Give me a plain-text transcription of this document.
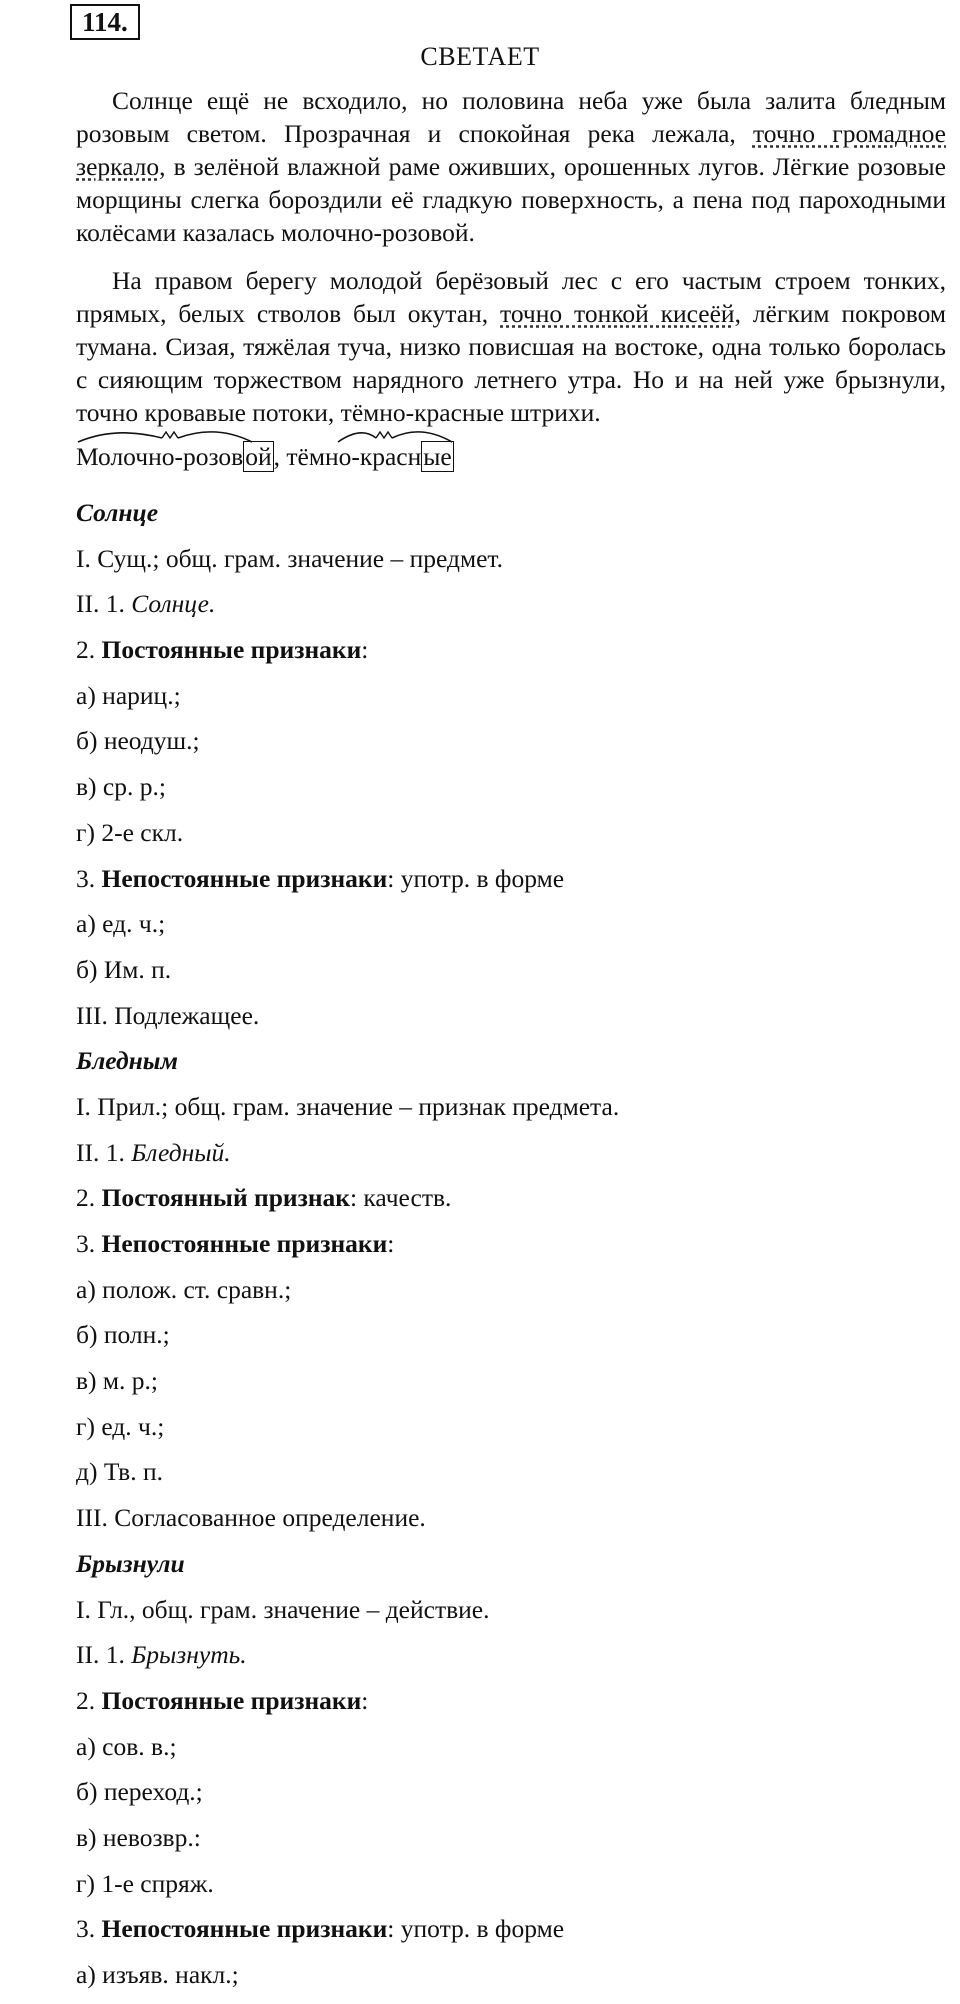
114.
СВЕТАЕТ

Солнце ещё не всходило, но половина неба уже была залита бледным розовым светом. Прозрачная и спокойная река лежала, точно громадное зеркало, в зелёной влажной раме оживших, орошенных лугов. Лёгкие розовые морщины слегка бороздили её гладкую поверхность, а пена под пароходными колёсами казалась молочно-розовой.

На правом берегу молодой берёзовый лес с его частым строем тонких, прямых, белых стволов был окутан, точно тонкой кисеёй, лёгким покровом тумана. Сизая, тяжёлая туча, низко повисшая на востоке, одна только боролась с сияющим торжеством нарядного летнего утра. Но и на ней уже брызнули, точно кровавые потоки, тёмно-красные штрихи.

Молочно-розовой, тёмно-красные
Солнце
I. Сущ.; общ. грам. значение – предмет.
II. 1. Солнце.
2. Постоянные признаки:
а) нариц.;
б) неодуш.;
в) ср. р.;
г) 2-е скл.
3. Непостоянные признаки: употр. в форме
а) ед. ч.;
б) Им. п.
III. Подлежащее.
Бледным
I. Прил.; общ. грам. значение – признак предмета.
II. 1. Бледный.
2. Постоянный признак: качеств.
3. Непостоянные признаки:
а) полож. ст. сравн.;
б) полн.;
в) м. р.;
г) ед. ч.;
д) Тв. п.
III. Согласованное определение.
Брызнули
I. Гл., общ. грам. значение – действие.
II. 1. Брызнуть.
2. Постоянные признаки:
а) сов. в.;
б) переход.;
в) невозвр.:
г) 1-е спряж.
3. Непостоянные признаки: употр. в форме
а) изъяв. накл.;
